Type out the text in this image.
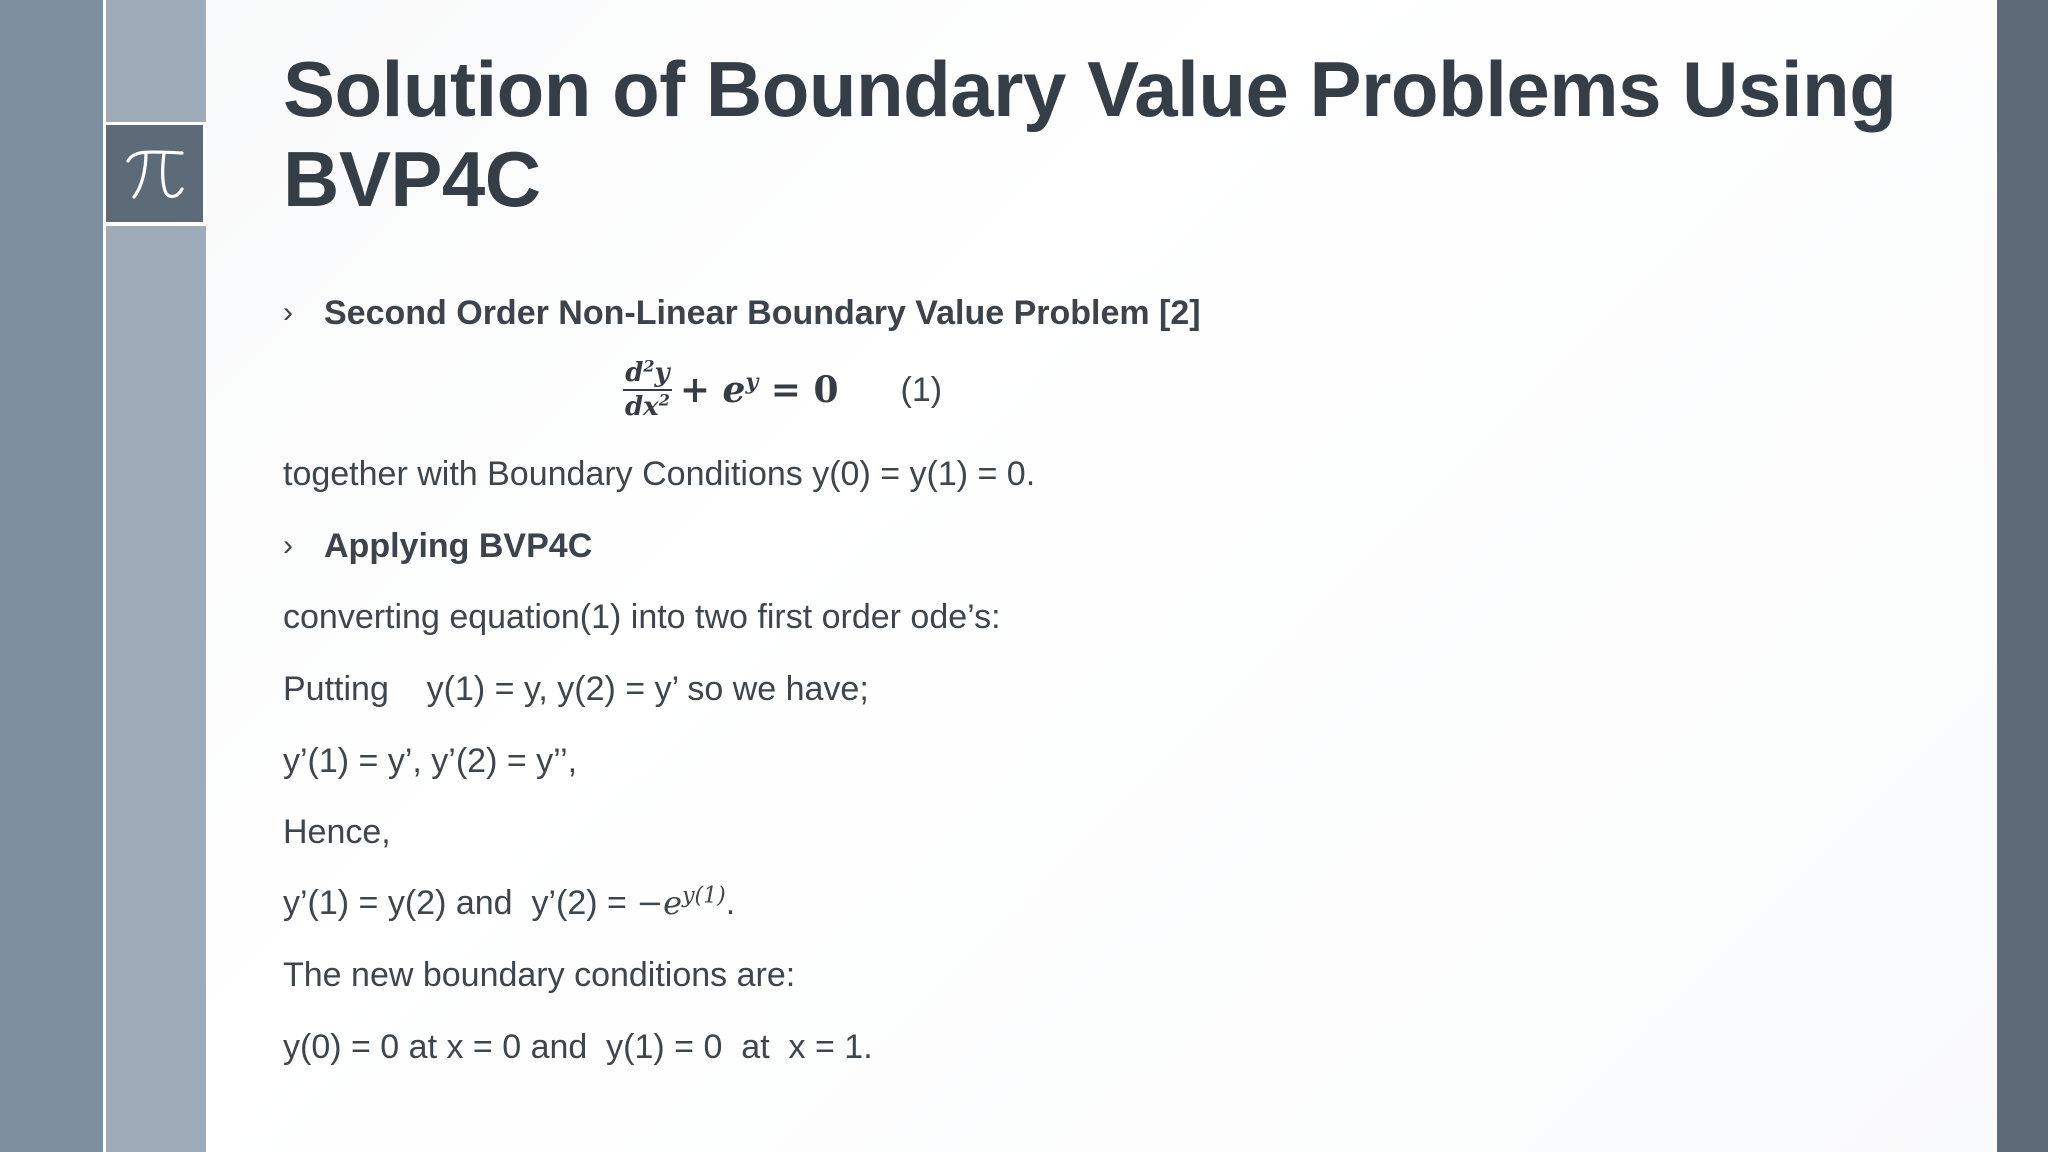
Solution of Boundary Value Problems Using BVP4C
› Second Order Non-Linear Boundary Value Problem [2]
$\frac{d^2y}{dx^2} + e^y = 0$ (1)
together with Boundary Conditions y(0) = y(1) = 0.
› Applying BVP4C
converting equation(1) into two first order ode’s:
Putting    y(1) = y, y(2) = y’ so we have;
y’(1) = y’, y’(2) = y’’,
Hence,
y’(1) = y(2) and  y’(2) = $-e^{y(1)}$.
The new boundary conditions are:
y(0) = 0 at x = 0 and  y(1) = 0  at  x = 1.
